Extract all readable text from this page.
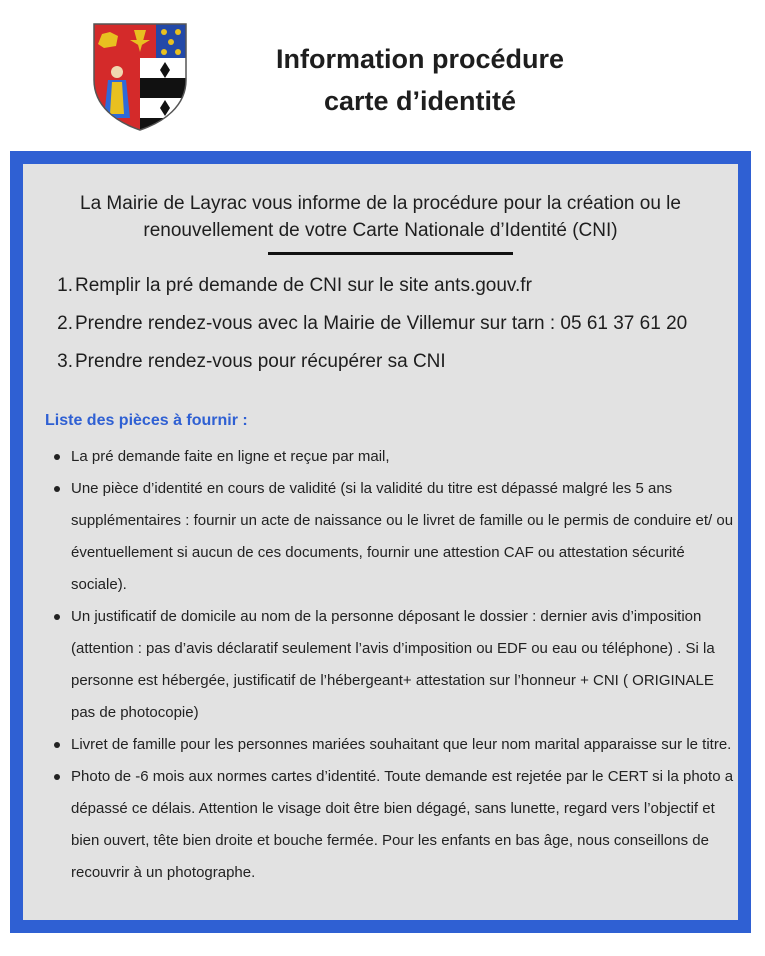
Information procédure
carte d’identité
La Mairie de Layrac vous informe de la procédure pour la création ou le renouvellement de votre Carte Nationale d’Identité (CNI)
1. Remplir la pré demande de CNI sur le site ants.gouv.fr
2. Prendre rendez-vous avec la Mairie de Villemur sur tarn : 05 61 37 61 20
3. Prendre rendez-vous pour récupérer sa CNI
Liste des pièces à fournir :
La pré demande faite en ligne et reçue par mail,
Une pièce d’identité en cours de validité (si la validité du titre est dépassé malgré les 5 ans supplémentaires : fournir un acte de naissance ou le livret de famille ou le permis de conduire et/ ou éventuellement si aucun de ces documents, fournir une attestion CAF ou attestation sécurité sociale).
Un justificatif de domicile au nom de la personne déposant le dossier : dernier avis d’imposition (attention : pas d’avis déclaratif seulement l’avis d’imposition ou EDF ou eau ou téléphone) . Si la personne est hébergée, justificatif de l’hébergeant+ attestation sur l’honneur + CNI ( ORIGINALE pas de photocopie)
Livret de famille pour les personnes mariées souhaitant que leur nom marital apparaisse sur le titre.
Photo de -6 mois aux normes cartes d’identité. Toute demande est rejetée par le CERT si la photo a dépassé ce délais. Attention le visage doit être bien dégagé, sans lunette, regard vers l’objectif et bien ouvert, tête bien droite et bouche fermée. Pour les enfants en bas âge, nous conseillons de recouvrir à un photographe.
